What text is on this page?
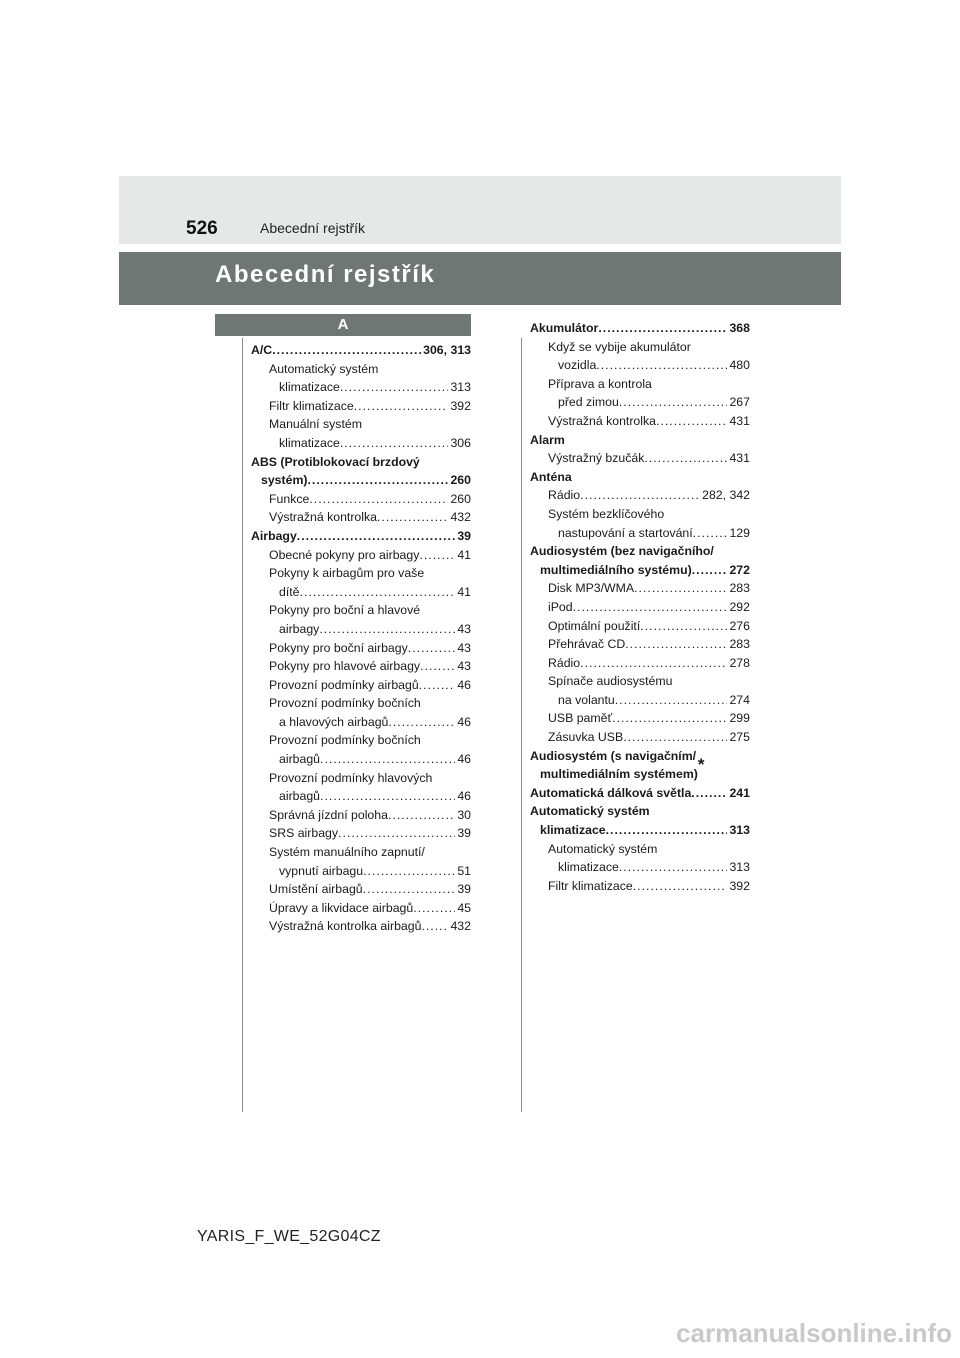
526	Abecední rejstřík
Abecední rejstřík
A
A/C . . .	306, 313
Automatický systém
klimatizace . . .	313
Filtr klimatizace . . .	392
Manuální systém
klimatizace . . .	306
ABS (Protiblokovací brzdový
systém) . . .	260
Funkce . . .	260
Výstražná kontrolka . . .	432
Airbagy . . .	39
Obecné pokyny pro airbagy . . .	41
Pokyny k airbagům pro vaše
dítě . . .	41
Pokyny pro boční a hlavové
airbagy . . .	43
Pokyny pro boční airbagy . . .	43
Pokyny pro hlavové airbagy . . .	43
Provozní podmínky airbagů . . .	46
Provozní podmínky bočních
a hlavových airbagů . . .	46
Provozní podmínky bočních
airbagů . . .	46
Provozní podmínky hlavových
airbagů . . .	46
Správná jízdní poloha . . .	30
SRS airbagy . . .	39
Systém manuálního zapnutí/
vypnutí airbagu . . .	51
Umístění airbagů . . .	39
Úpravy a likvidace airbagů . . .	45
Výstražná kontrolka airbagů . . . 432
Akumulátor . . .	368
Když se vybije akumulátor
vozidla . . .	480
Příprava a kontrola
před zimou . . .	267
Výstražná kontrolka . . .	431
Alarm
Výstražný bzučák . . .	431
Anténa
Rádio . . .	282, 342
Systém bezklíčového
nastupování a startování . . .	129
Audiosystém (bez navigačního/
multimediálního systému) . . .	272
Disk MP3/WMA . . .	283
iPod . . .	292
Optimální použití . . .	276
Přehrávač CD . . .	283
Rádio . . .	278
Spínače audiosystému
na volantu . . .	274
USB paměť . . .	299
Zásuvka USB . . .	275
Audiosystém (s navigačním/
multimediálním systémem) *
Automatická dálková světla . . .	241
Automatický systém
klimatizace . . .	313
Automatický systém
klimatizace . . .	313
Filtr klimatizace . . .	392
YARIS_F_WE_52G04CZ
carmanualsonline.info
